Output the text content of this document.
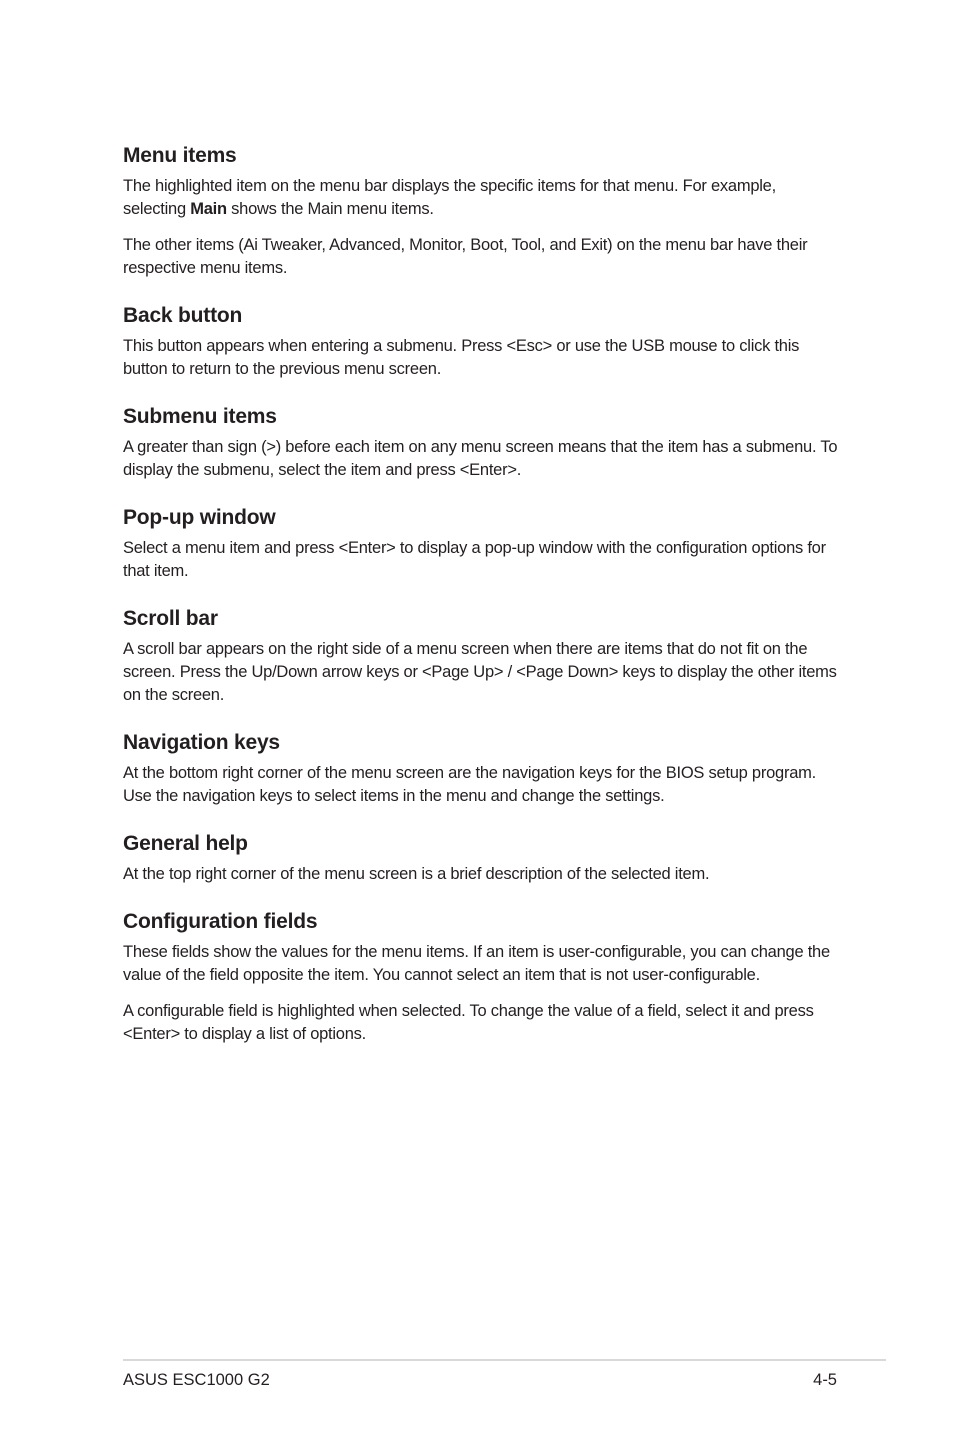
Menu items

The highlighted item on the menu bar displays the specific items for that menu. For example, selecting Main shows the Main menu items.

The other items (Ai Tweaker, Advanced, Monitor, Boot, Tool, and Exit) on the menu bar have their respective menu items.

Back button

This button appears when entering a submenu. Press <Esc> or use the USB mouse to click this button to return to the previous menu screen.

Submenu items

A greater than sign (>) before each item on any menu screen means that the item has a submenu. To display the submenu, select the item and press <Enter>.

Pop-up window

Select a menu item and press <Enter> to display a pop-up window with the configuration options for that item.

Scroll bar

A scroll bar appears on the right side of a menu screen when there are items that do not fit on the screen. Press the Up/Down arrow keys or <Page Up> / <Page Down> keys to display the other items on the screen.

Navigation keys

At the bottom right corner of the menu screen are the navigation keys for the BIOS setup program. Use the navigation keys to select items in the menu and change the settings.

General help

At the top right corner of the menu screen is a brief description of the selected item.

Configuration fields

These fields show the values for the menu items. If an item is user-configurable, you can change the value of the field opposite the item. You cannot select an item that is not user-configurable.

A configurable field is highlighted when selected. To change the value of a field, select it and press <Enter> to display a list of options.

ASUS ESC1000 G2	4-5
